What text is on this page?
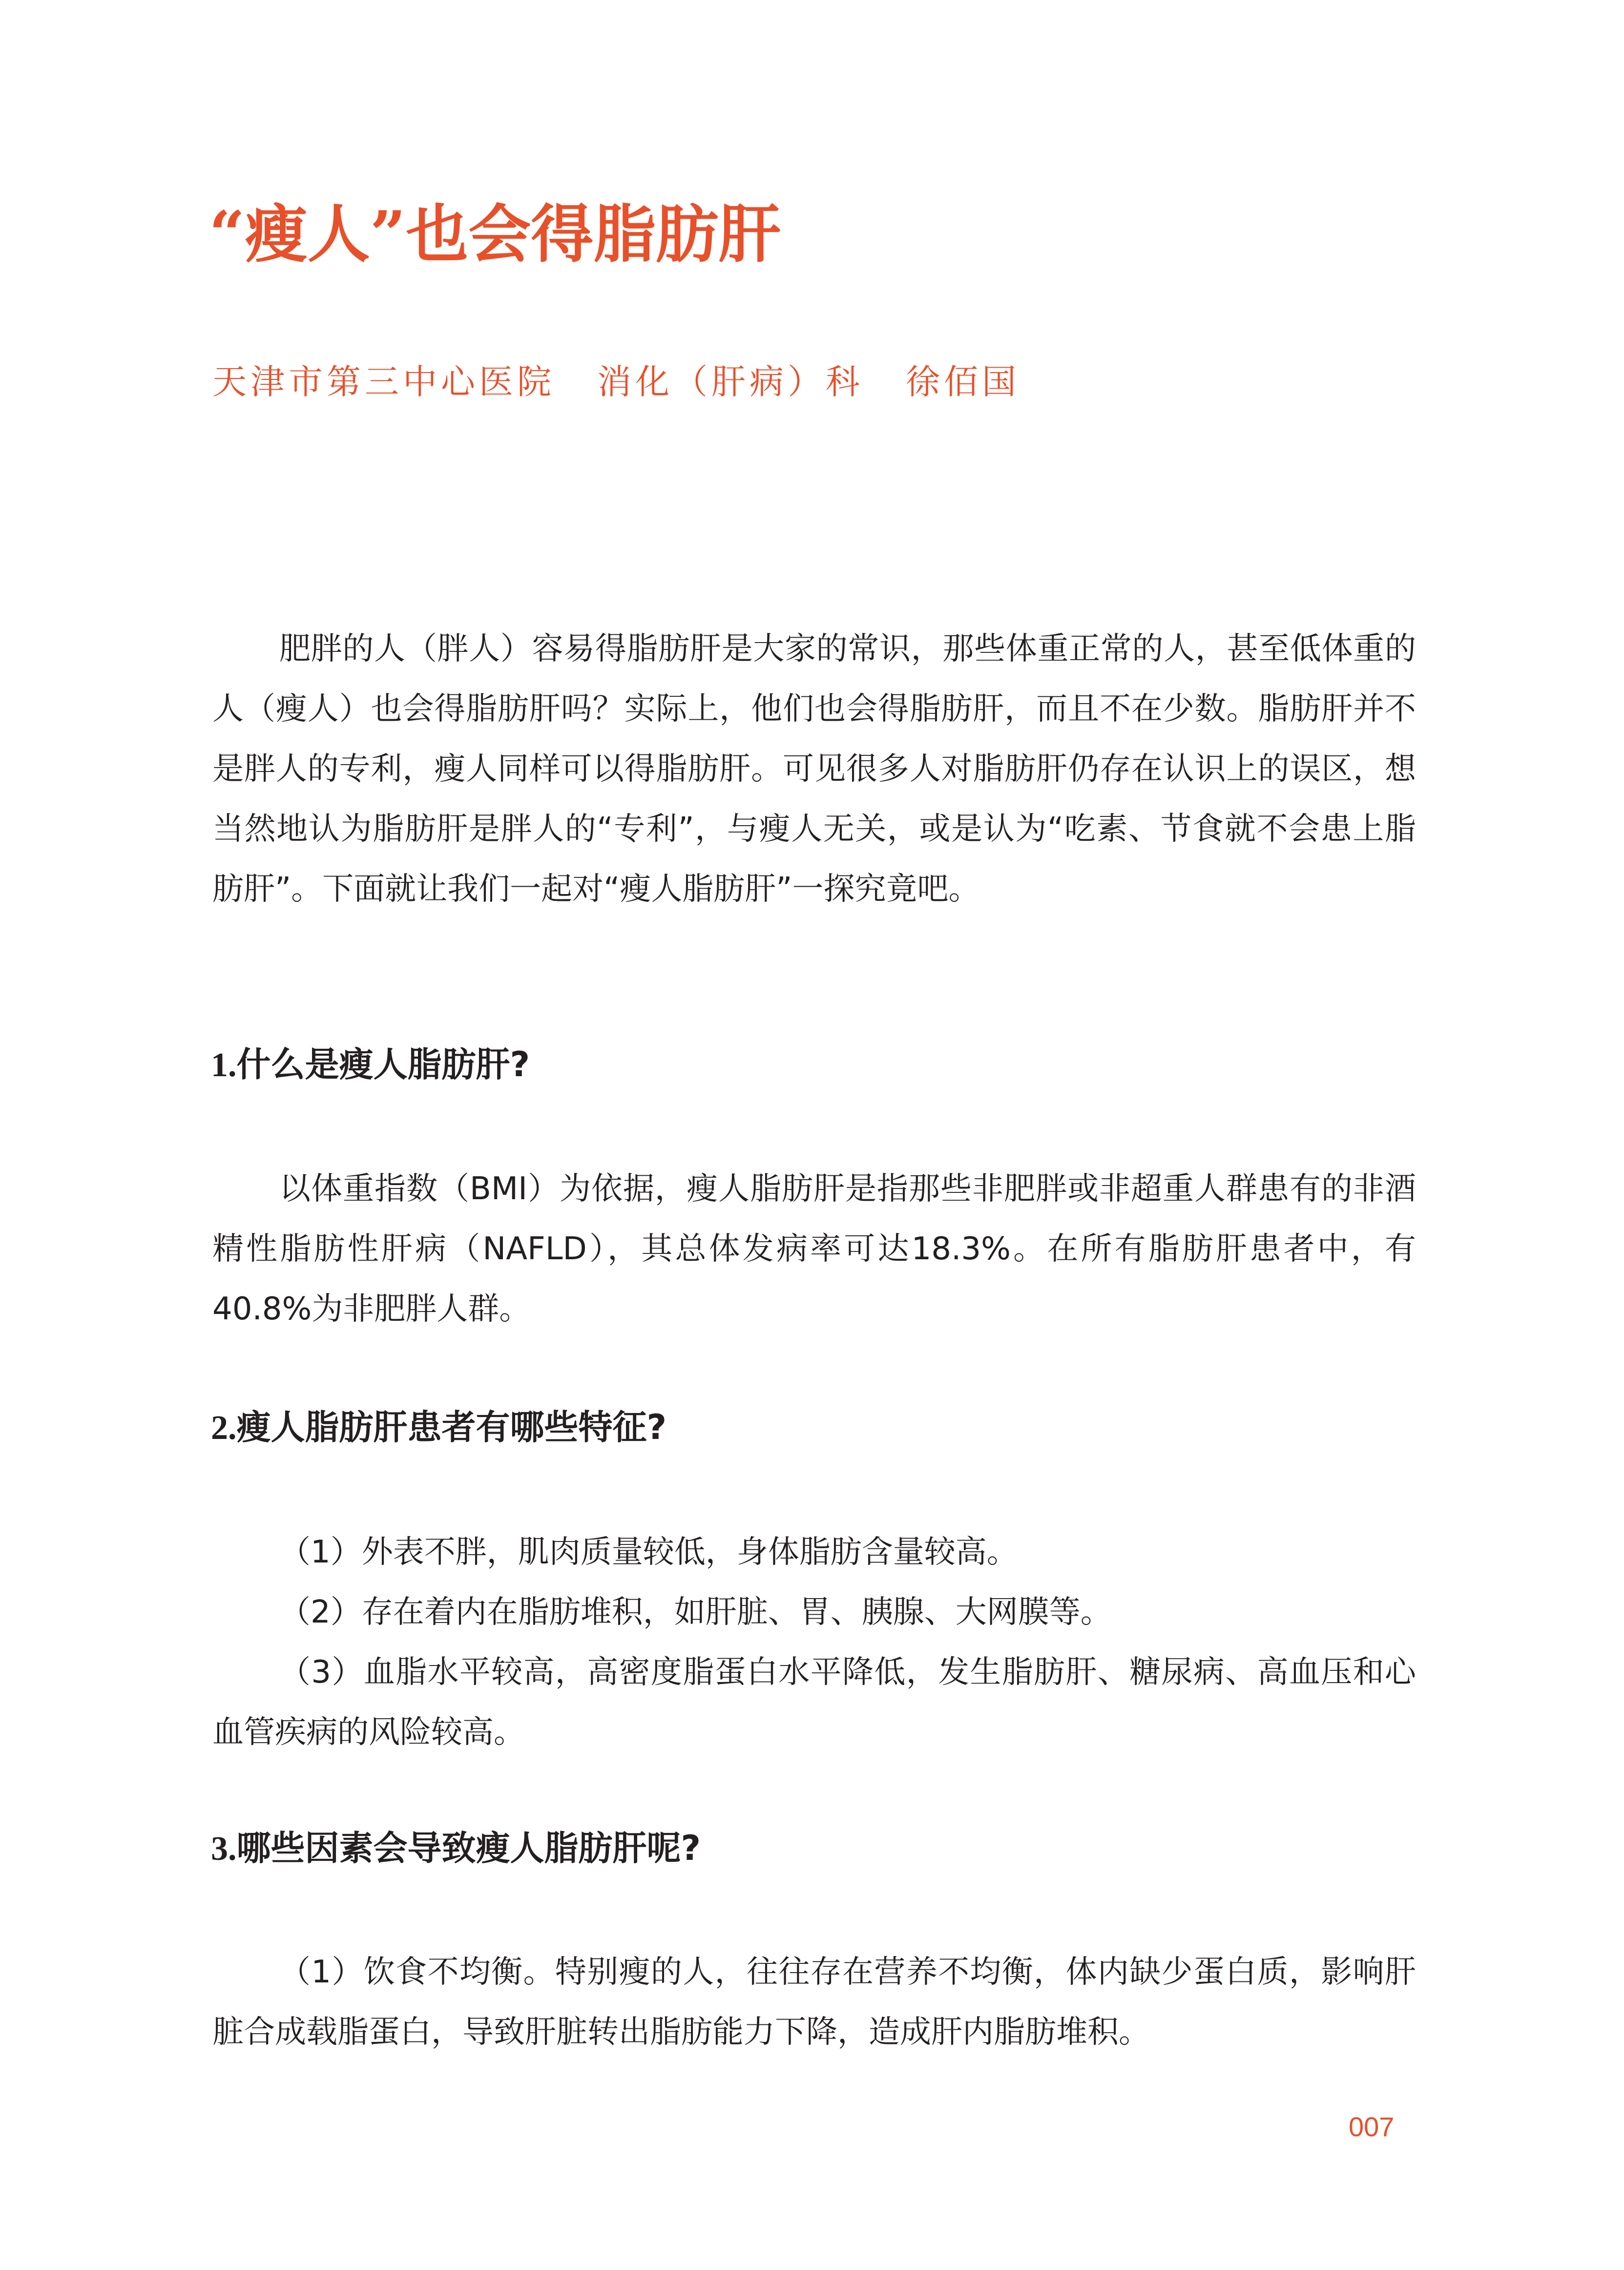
“瘦人”也会得脂肪肝
天津市第三中心医院 消化（肝病）科 徐佰国

肥胖的人（胖人）容易得脂肪肝是大家的常识，那些体重正常的人，甚至低体重的人（瘦人）也会得脂肪肝吗？实际上，他们也会得脂肪肝，而且不在少数。脂肪肝并不是胖人的专利，瘦人同样可以得脂肪肝。可见很多人对脂肪肝仍存在认识上的误区，想当然地认为脂肪肝是胖人的“专利”，与瘦人无关，或是认为“吃素、节食就不会患上脂肪肝”。下面就让我们一起对“瘦人脂肪肝”一探究竟吧。

1.什么是瘦人脂肪肝?

以体重指数（BMI）为依据，瘦人脂肪肝是指那些非肥胖或非超重人群患有的非酒精性脂肪性肝病（NAFLD），其总体发病率可达18.3%。在所有脂肪肝患者中，有40.8%为非肥胖人群。

2.瘦人脂肪肝患者有哪些特征?

（1）外表不胖，肌肉质量较低，身体脂肪含量较高。

（2）存在着内在脂肪堆积，如肝脏、胃、胰腺、大网膜等。

（3）血脂水平较高，高密度脂蛋白水平降低，发生脂肪肝、糖尿病、高血压和心血管疾病的风险较高。

3.哪些因素会导致瘦人脂肪肝呢?

（1）饮食不均衡。特别瘦的人，往往存在营养不均衡，体内缺少蛋白质，影响肝脏合成载脂蛋白，导致肝脏转出脂肪能力下降，造成肝内脂肪堆积。

007
